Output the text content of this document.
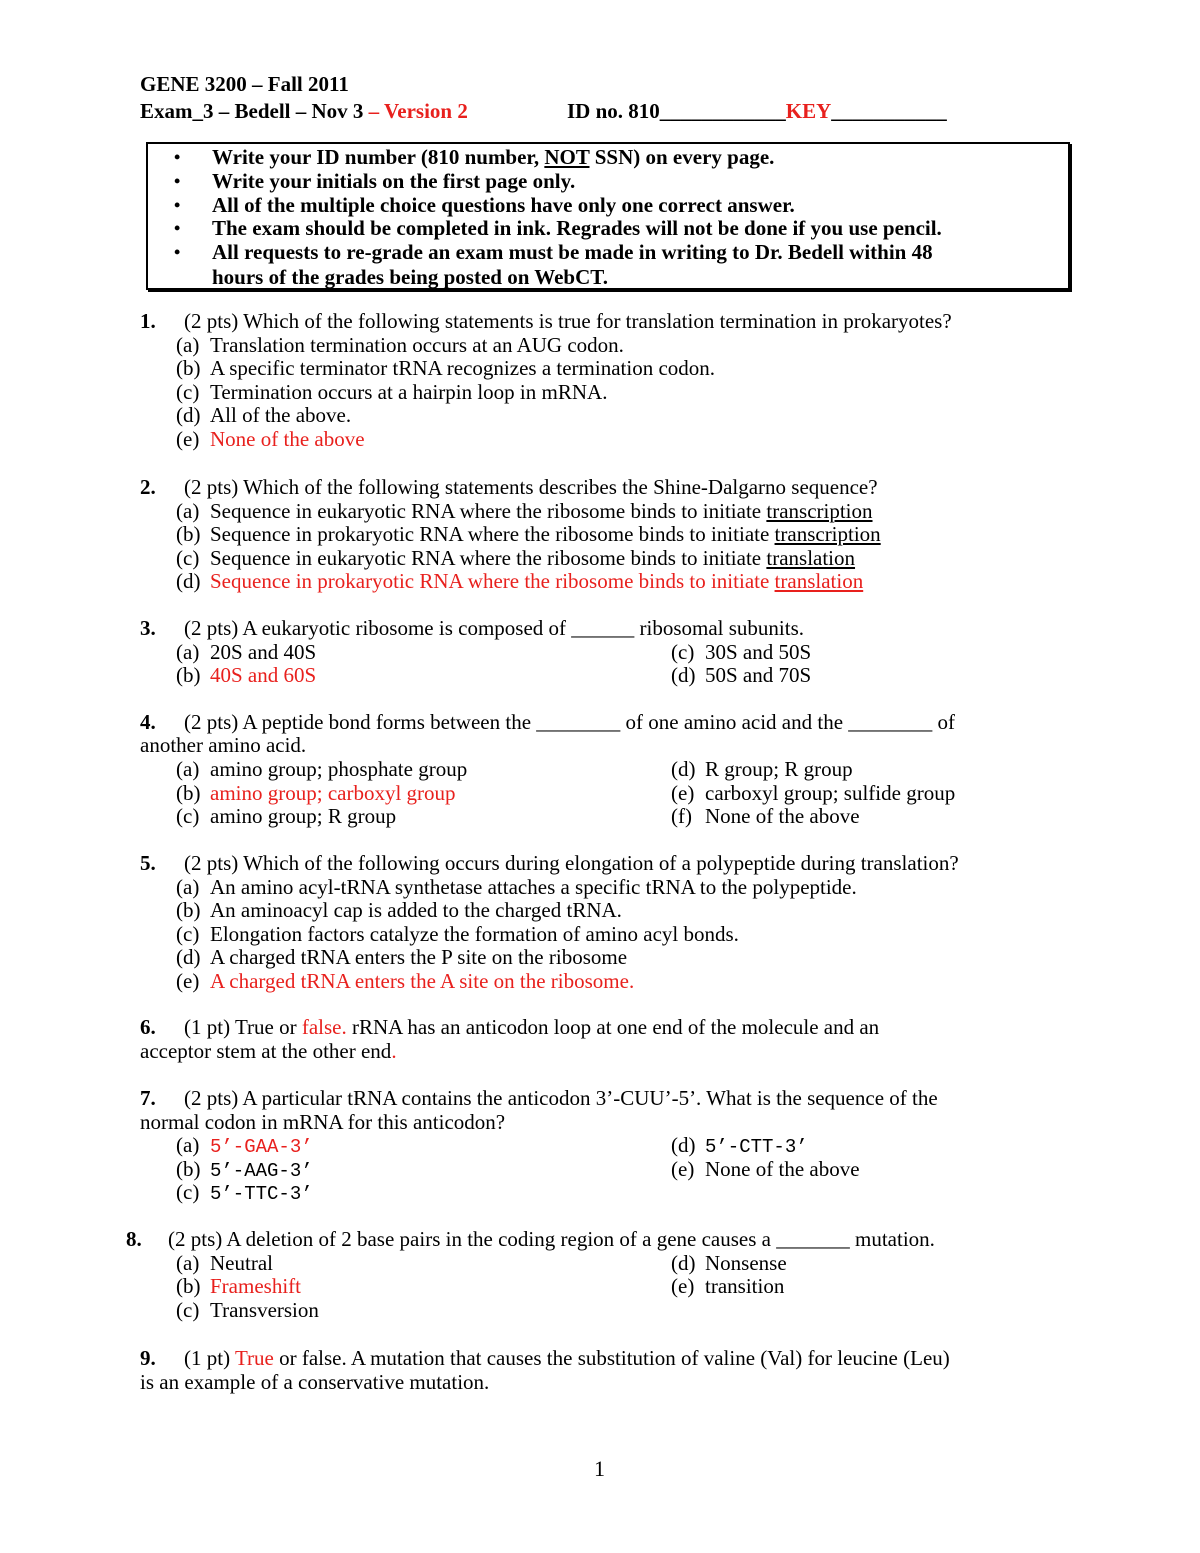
GENE 3200 – Fall 2011
Exam_3 – Bedell – Nov 3 – Version 2	ID no. 810____________KEY___________
• Write your ID number (810 number, NOT SSN) on every page.
• Write your initials on the first page only.
• All of the multiple choice questions have only one correct answer.
• The exam should be completed in ink. Regrades will not be done if you use pencil.
• All requests to re-grade an exam must be made in writing to Dr. Bedell within 48
hours of the grades being posted on WebCT.
1. (2 pts) Which of the following statements is true for translation termination in prokaryotes?
(a) Translation termination occurs at an AUG codon.
(b) A specific terminator tRNA recognizes a termination codon.
(c) Termination occurs at a hairpin loop in mRNA.
(d) All of the above.
(e) None of the above
2. (2 pts) Which of the following statements describes the Shine-Dalgarno sequence?
(a) Sequence in eukaryotic RNA where the ribosome binds to initiate transcription
(b) Sequence in prokaryotic RNA where the ribosome binds to initiate transcription
(c) Sequence in eukaryotic RNA where the ribosome binds to initiate translation
(d) Sequence in prokaryotic RNA where the ribosome binds to initiate translation
3. (2 pts) A eukaryotic ribosome is composed of ______ ribosomal subunits.
(a) 20S and 40S
(b) 40S and 60S
(c) 30S and 50S
(d) 50S and 70S
4. (2 pts) A peptide bond forms between the ________ of one amino acid and the ________ of
another amino acid.
(a) amino group; phosphate group
(b) amino group; carboxyl group
(c) amino group; R group
(d) R group; R group
(e) carboxyl group; sulfide group
(f) None of the above
5. (2 pts) Which of the following occurs during elongation of a polypeptide during translation?
(a) An amino acyl-tRNA synthetase attaches a specific tRNA to the polypeptide.
(b) An aminoacyl cap is added to the charged tRNA.
(c) Elongation factors catalyze the formation of amino acyl bonds.
(d) A charged tRNA enters the P site on the ribosome
(e) A charged tRNA enters the A site on the ribosome.
6. (1 pt) True or false. rRNA has an anticodon loop at one end of the molecule and an
acceptor stem at the other end.
7. (2 pts) A particular tRNA contains the anticodon 3’-CUU’-5’. What is the sequence of the
normal codon in mRNA for this anticodon?
(a) 5’-GAA-3’
(b) 5’-AAG-3’
(c) 5’-TTC-3’
(d) 5’-CTT-3’
(e) None of the above
8. (2 pts) A deletion of 2 base pairs in the coding region of a gene causes a _______ mutation.
(a) Neutral
(b) Frameshift
(c) Transversion
(d) Nonsense
(e) transition
9. (1 pt) True or false. A mutation that causes the substitution of valine (Val) for leucine (Leu)
is an example of a conservative mutation.
1
